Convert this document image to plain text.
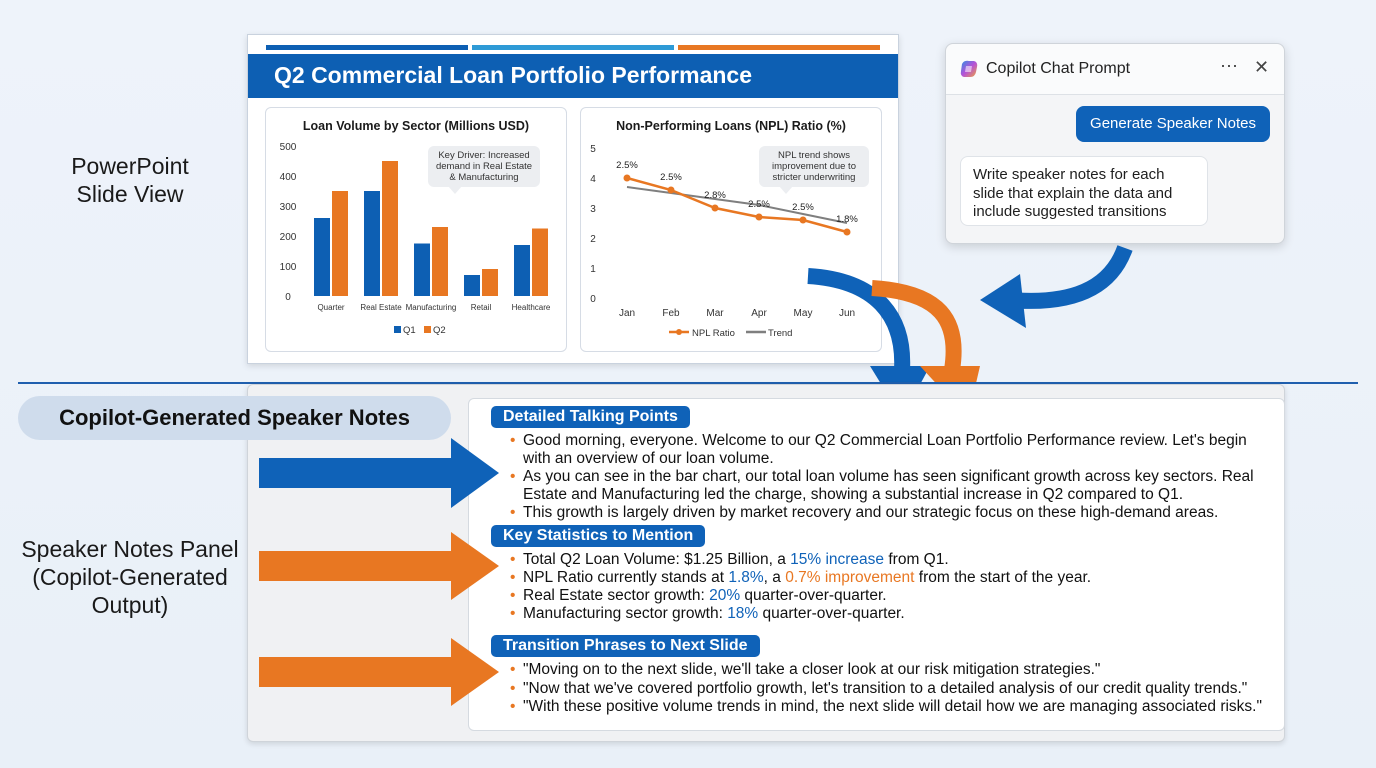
Q2 Commercial Loan Portfolio Performance
Loan Volume by Sector (Millions USD)
500
400
300
200
100
0
Quarter Real Estate Manufacturing Retail	Healthcare
Q1 Q2
Key Driver: Increased
demand in Real Estate
& Manufacturing
Non-Performing Loans (NPL) Ratio (%)
5
4
3
2
1
0
Jan	Feb	Mar	Apr	May	Jun
2.5%
2.5%
2.8%
2.5% 2.5%
1.8%
NPL Ratio	Trend
NPL trend shows
improvement due to
stricter underwriting
PowerPoint
Slide View
Copilot Chat Prompt	⋯ ✕
Generate Speaker Notes
Write speaker notes for each slide that explain the data and include suggested transitions
Copilot-Generated Speaker Notes
Speaker Notes Panel
(Copilot-Generated
Output)
Detailed Talking Points
• Good morning, everyone. Welcome to our Q2 Commercial Loan Portfolio Performance review. Let's begin with an overview of our loan volume.
• As you can see in the bar chart, our total loan volume has seen significant growth across key sectors. Real Estate and Manufacturing led the charge, showing a substantial increase in Q2 compared to Q1.
• This growth is largely driven by market recovery and our strategic focus on these high-demand areas.
Key Statistics to Mention
• Total Q2 Loan Volume: $1.25 Billion, a 15% increase from Q1.
• NPL Ratio currently stands at 1.8%, a 0.7% improvement from the start of the year.
• Real Estate sector growth: 20% quarter-over-quarter.
• Manufacturing sector growth: 18% quarter-over-quarter.
Transition Phrases to Next Slide
• "Moving on to the next slide, we'll take a closer look at our risk mitigation strategies."
• "Now that we've covered portfolio growth, let's transition to a detailed analysis of our credit quality trends."
• "With these positive volume trends in mind, the next slide will detail how we are managing associated risks."
